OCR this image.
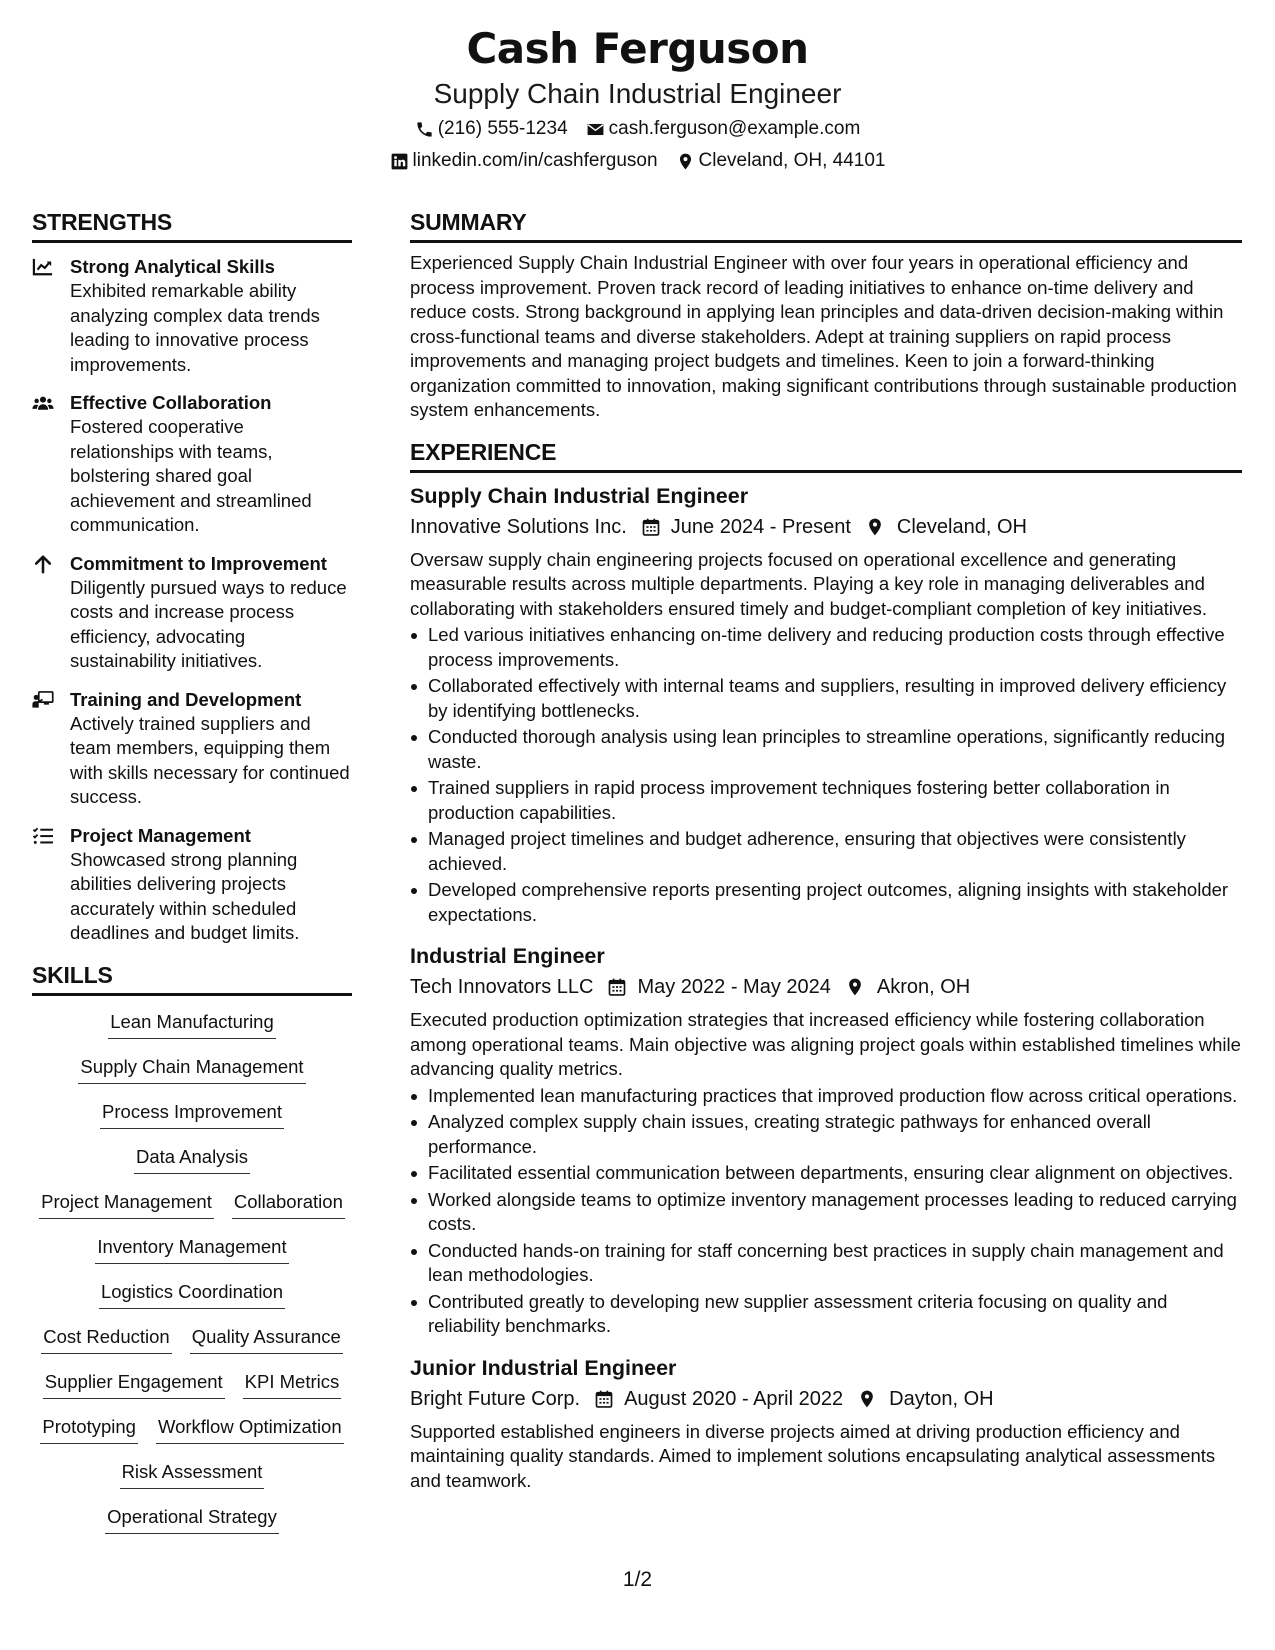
Cash Ferguson
Supply Chain Industrial Engineer
(216) 555-1234 cash.ferguson@example.com
linkedin.com/in/cashferguson Cleveland, OH, 44101
STRENGTHS
Strong Analytical Skills
Exhibited remarkable ability analyzing complex data trends leading to innovative process improvements.
Effective Collaboration
Fostered cooperative relationships with teams, bolstering shared goal achievement and streamlined communication.
Commitment to Improvement
Diligently pursued ways to reduce costs and increase process efficiency, advocating sustainability initiatives.
Training and Development
Actively trained suppliers and team members, equipping them with skills necessary for continued success.
Project Management
Showcased strong planning abilities delivering projects accurately within scheduled deadlines and budget limits.
SKILLS
Lean Manufacturing
Supply Chain Management
Process Improvement
Data Analysis
Project Management Collaboration
Inventory Management
Logistics Coordination
Cost Reduction Quality Assurance
Supplier Engagement KPI Metrics
Prototyping Workflow Optimization
Risk Assessment
Operational Strategy
SUMMARY
Experienced Supply Chain Industrial Engineer with over four years in operational efficiency and process improvement. Proven track record of leading initiatives to enhance on-time delivery and reduce costs. Strong background in applying lean principles and data-driven decision-making within cross-functional teams and diverse stakeholders. Adept at training suppliers on rapid process improvements and managing project budgets and timelines. Keen to join a forward-thinking organization committed to innovation, making significant contributions through sustainable production system enhancements.
EXPERIENCE
Supply Chain Industrial Engineer
Innovative Solutions Inc. June 2024 - Present Cleveland, OH
Oversaw supply chain engineering projects focused on operational excellence and generating measurable results across multiple departments. Playing a key role in managing deliverables and collaborating with stakeholders ensured timely and budget-compliant completion of key initiatives.
Led various initiatives enhancing on-time delivery and reducing production costs through effective process improvements.
Collaborated effectively with internal teams and suppliers, resulting in improved delivery efficiency by identifying bottlenecks.
Conducted thorough analysis using lean principles to streamline operations, significantly reducing waste.
Trained suppliers in rapid process improvement techniques fostering better collaboration in production capabilities.
Managed project timelines and budget adherence, ensuring that objectives were consistently achieved.
Developed comprehensive reports presenting project outcomes, aligning insights with stakeholder expectations.
Industrial Engineer
Tech Innovators LLC May 2022 - May 2024 Akron, OH
Executed production optimization strategies that increased efficiency while fostering collaboration among operational teams. Main objective was aligning project goals within established timelines while advancing quality metrics.
Implemented lean manufacturing practices that improved production flow across critical operations.
Analyzed complex supply chain issues, creating strategic pathways for enhanced overall performance.
Facilitated essential communication between departments, ensuring clear alignment on objectives.
Worked alongside teams to optimize inventory management processes leading to reduced carrying costs.
Conducted hands-on training for staff concerning best practices in supply chain management and lean methodologies.
Contributed greatly to developing new supplier assessment criteria focusing on quality and reliability benchmarks.
Junior Industrial Engineer
Bright Future Corp. August 2020 - April 2022 Dayton, OH
Supported established engineers in diverse projects aimed at driving production efficiency and maintaining quality standards. Aimed to implement solutions encapsulating analytical assessments and teamwork.
1/2
